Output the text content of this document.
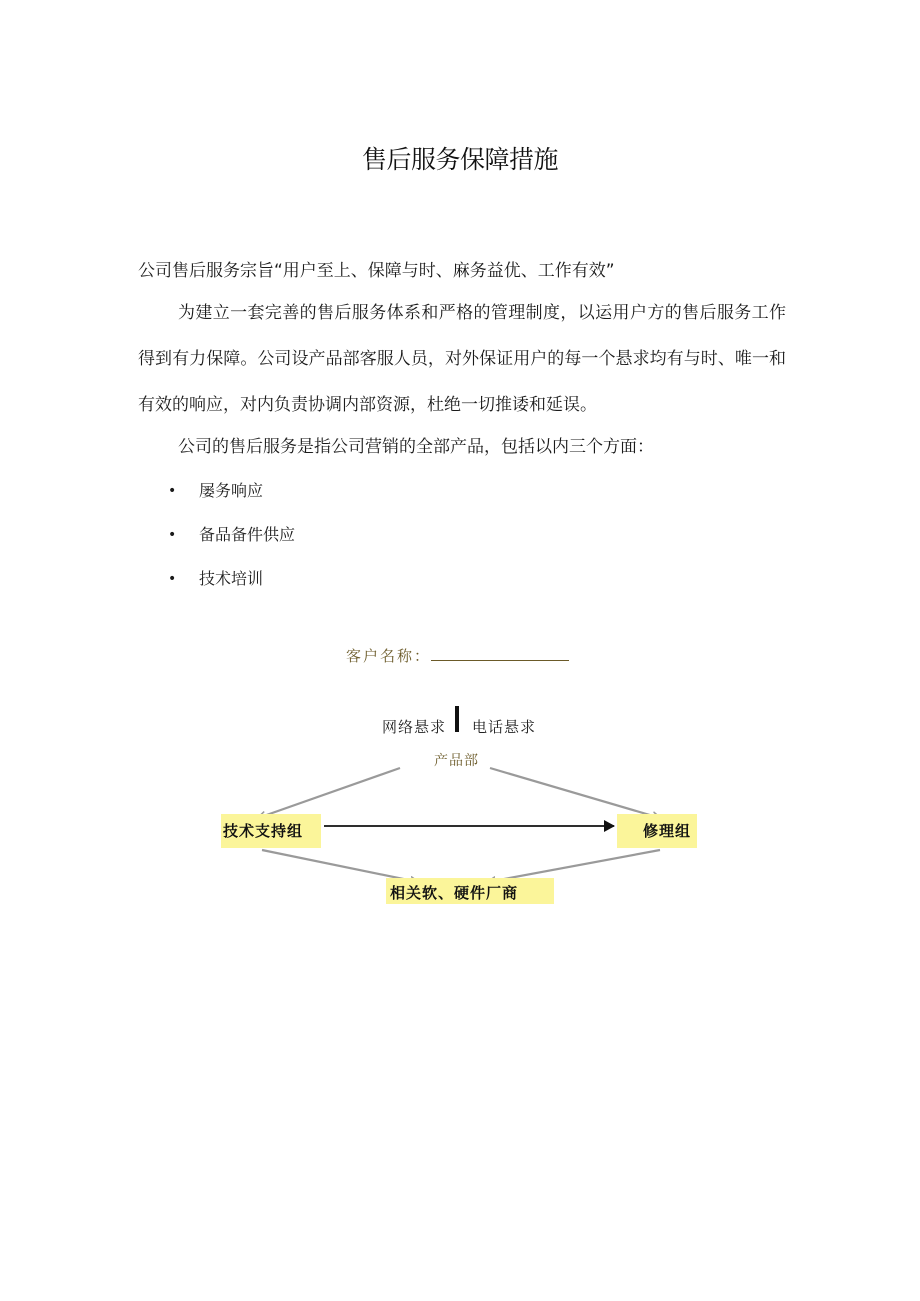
售后服务保障措施
公司售后服务宗旨“用户至上、保障与时、麻务益优、工作有效”
为建立一套完善的售后服务体系和严格的管理制度，以运用户方的售后服务工作得到有力保障。公司设产品部客服人员，对外保证用户的每一个悬求均有与时、唯一和有效的响应，对内负责协调内部资源，杜绝一切推诿和延误。
公司的售后服务是指公司营销的全部产品，包括以内三个方面：
•	屡务响应
•	备品备件供应
•	技术培训
客户名称：
网络悬求 电话悬求
产品部
技术支持组	修理组
相关软、硬件厂商
